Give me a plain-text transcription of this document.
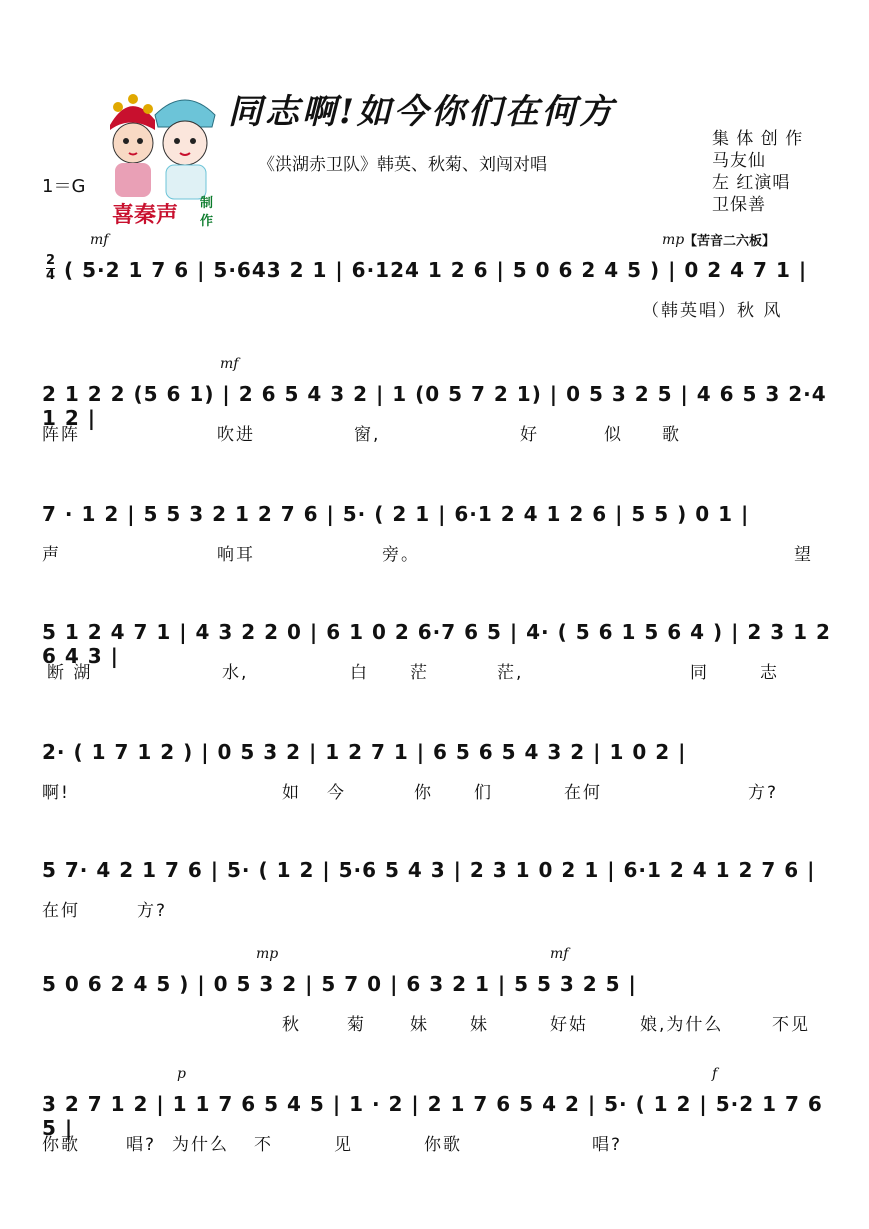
同志啊!如今你们在何方
《洪湖赤卫队》韩英、秋菊、刘闯对唱
1＝G
集 体 创 作
马友仙
左 红演唱
卫保善
喜秦声 制
作
2
4 ( 5·2 1 7 6 | 5·643 2 1 | 6·124 1 2 6 | 5 0 6 2 4 5 ) | 0 2 4 7 1 |
mf	mp 【苦音二六板】
（韩英唱）秋 风
2 1 2 2 (5 6 1) | 2 6 5 4 3 2 | 1 (0 5 7 2 1) | 0 5 3 2 5 | 4 6 5 3 2·4 1 2 |
mf
阵阵	吹进	窗,	好	似 歌
7 · 1 2 | 5 5 3 2 1 2 7 6 | 5· ( 2 1 | 6·1 2 4 1 2 6 | 5 5 ) 0 1 |
声	响耳	旁。	望
5 1 2 4 7 1 | 4 3 2 2 0 | 6 1 0 2 6·7 6 5 | 4· ( 5 6 1 5 6 4 ) | 2 3 1 2 6 4 3 |
断 湖	水,	白 茫	茫,	同	志
2· ( 1 7 1 2 ) | 0 5 3 2 | 1 2 7 1 | 6 5 6 5 4 3 2 | 1 0 2 |
啊!	如 今	你 们	在何	方?
5 7· 4 2 1 7 6 | 5· ( 1 2 | 5·6 5 4 3 | 2 3 1 0 2 1 | 6·1 2 4 1 2 7 6 |
在何	方?
5 0 6 2 4 5 ) | 0 5 3 2 | 5 7 0 | 6 3 2 1 | 5 5 3 2 5 |
mp	mf
秋	菊	妹 妹	好姑	娘,为什么	不见
3 2 7 1 2 | 1 1 7 6 5 4 5 | 1 · 2 | 2 1 7 6 5 4 2 | 5· ( 1 2 | 5·2 1 7 6 5 |
p	f
你歌	唱? 为什么 不	见	你歌	唱?
